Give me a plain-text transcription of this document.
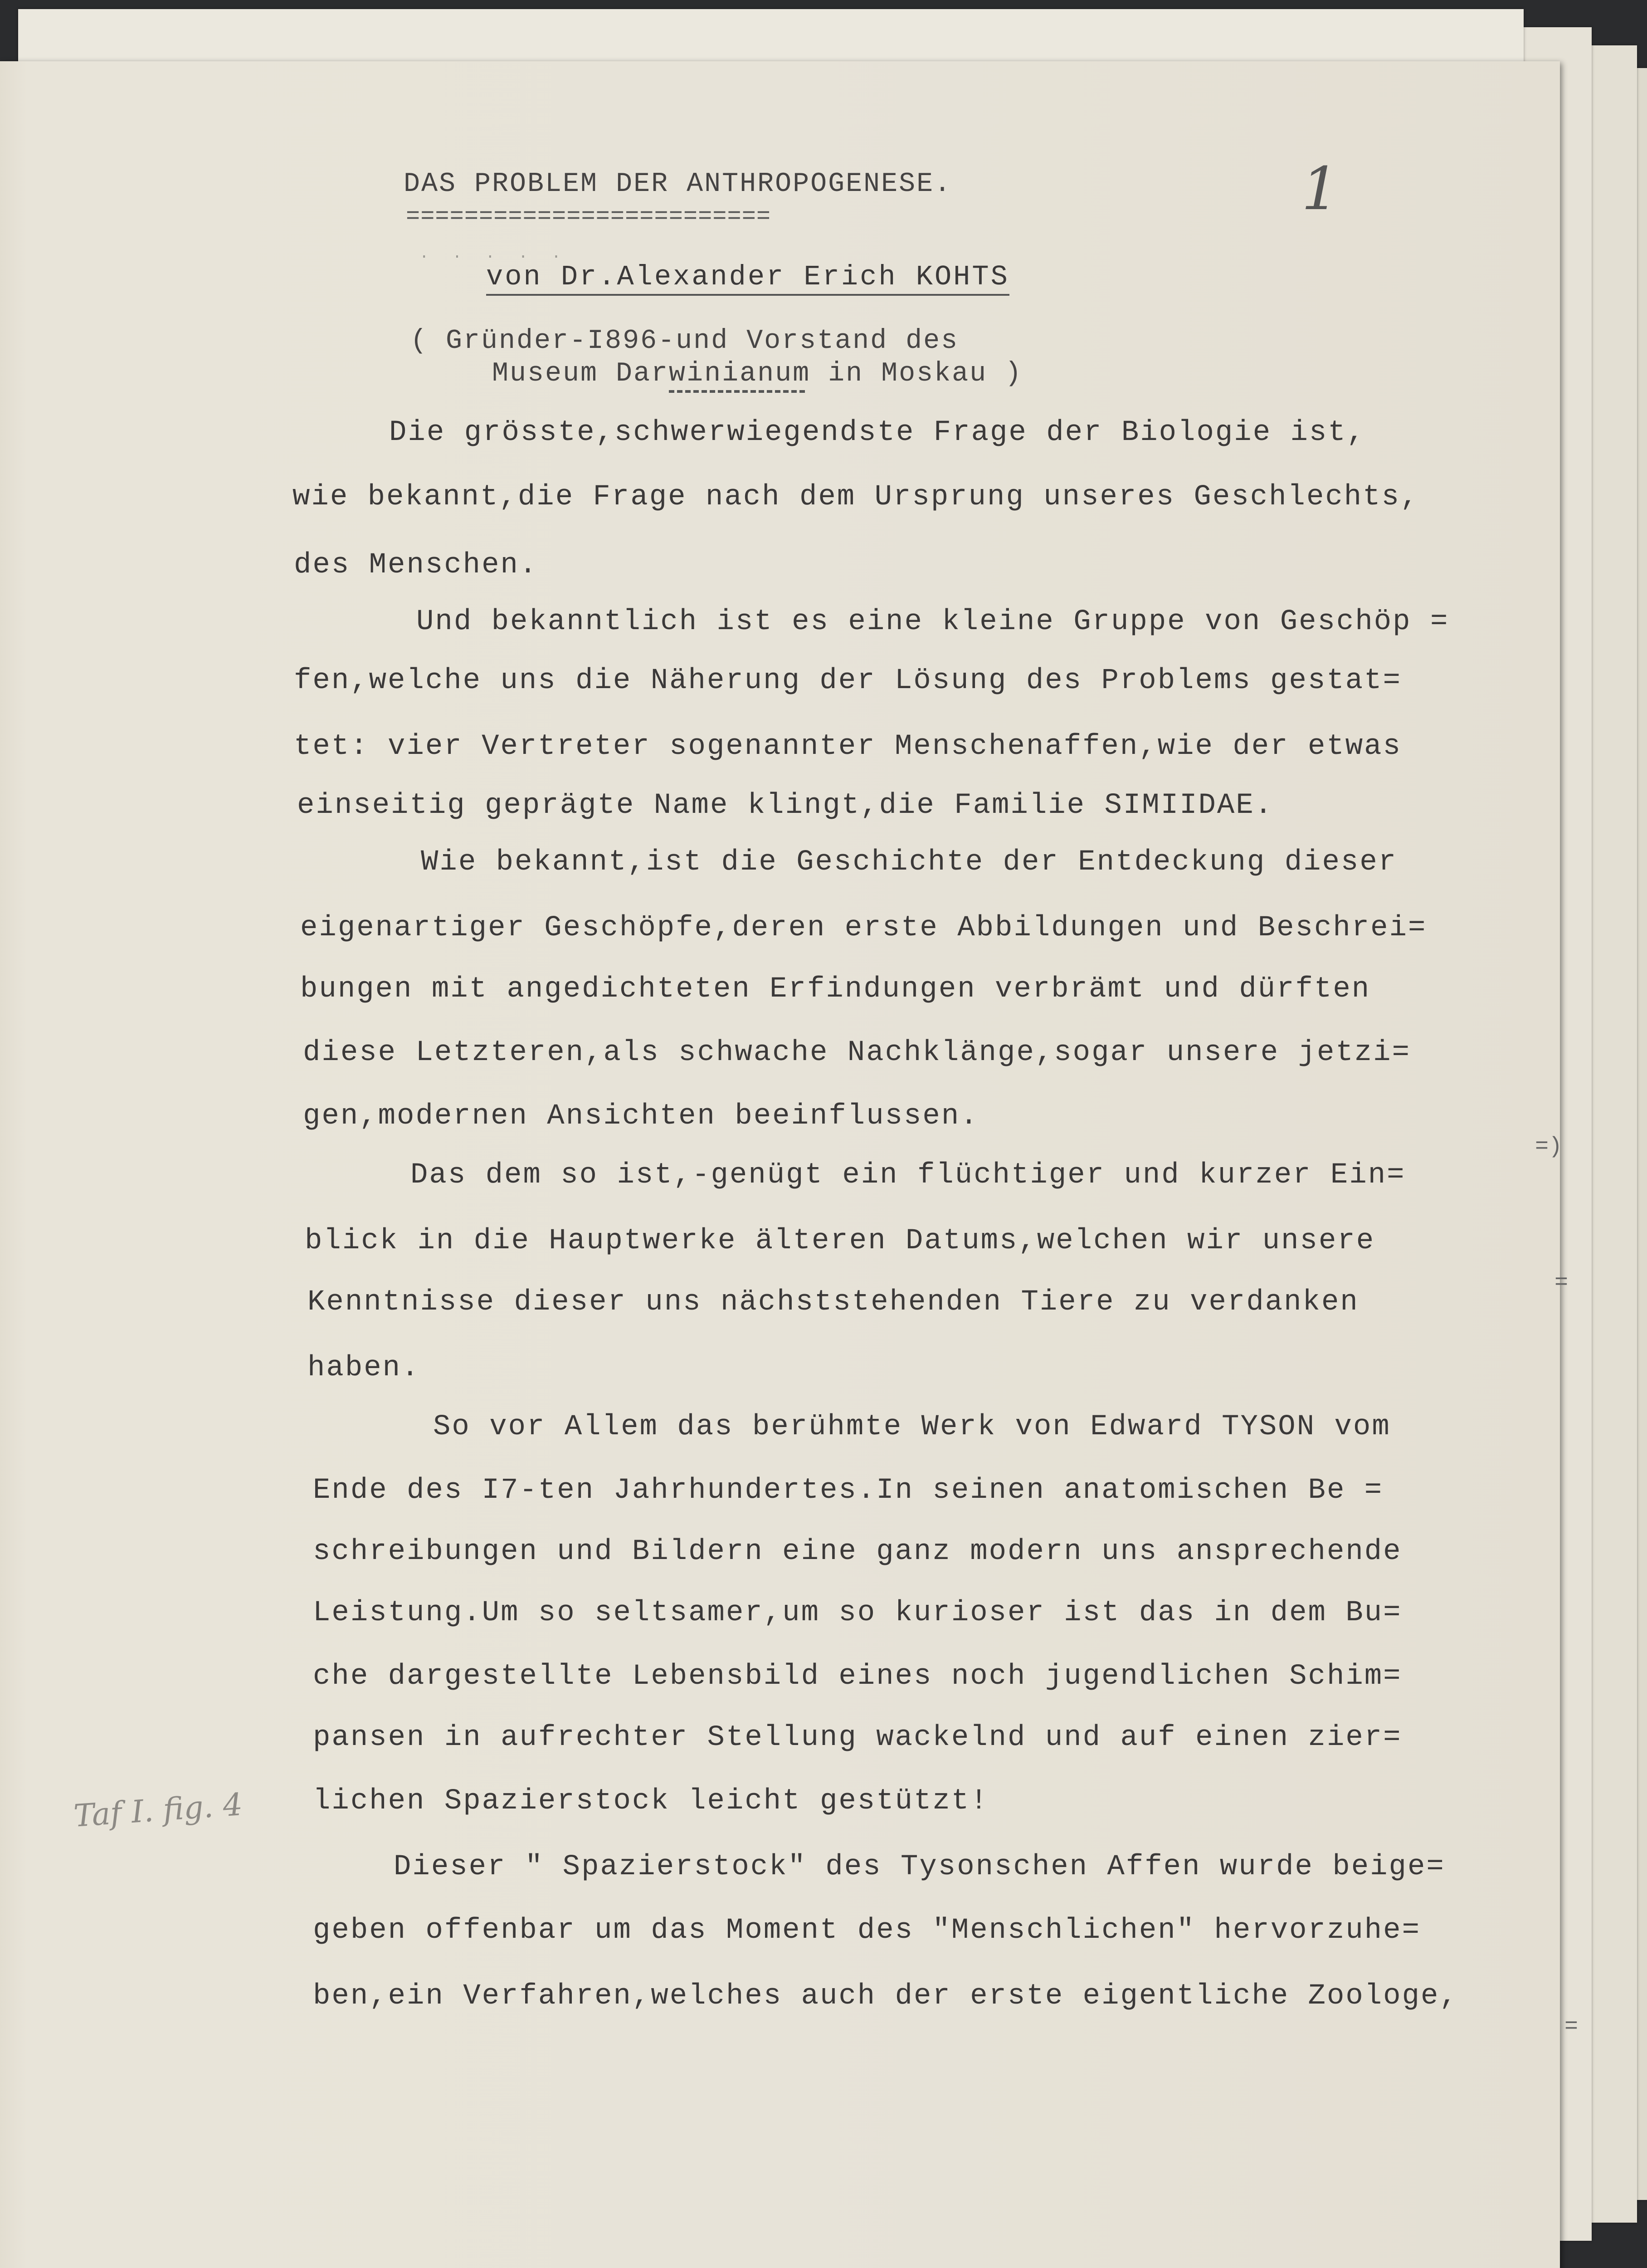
DAS PROBLEM DER ANTHROPOGENESE.
=========================	1
· · · · ·
von Dr.Alexander Erich KOHTS
( Gründer-I896-und Vorstand des
Museum Darwinianum in Moskau )
Die grösste,schwerwiegendste Frage der Biologie ist,
wie bekannt,die Frage nach dem Ursprung unseres Geschlechts,
des Menschen.
Und bekanntlich ist es eine kleine Gruppe von Geschöp =
fen,welche uns die Näherung der Lösung des Problems gestat=
tet: vier Vertreter sogenannter Menschenaffen,wie der etwas
einseitig geprägte Name klingt,die Familie SIMIIDAE.
Wie bekannt,ist die Geschichte der Entdeckung dieser
eigenartiger Geschöpfe,deren erste Abbildungen und Beschrei=
bungen mit angedichteten Erfindungen verbrämt und dürften
diese Letzteren,als schwache Nachklänge,sogar unsere jetzi=
gen,modernen Ansichten beeinflussen.
Das dem so ist,-genügt ein flüchtiger und kurzer Ein=
blick in die Hauptwerke älteren Datums,welchen wir unsere
Kenntnisse dieser uns nächststehenden Tiere zu verdanken
haben.
So vor Allem das berühmte Werk von Edward TYSON vom
Ende des I7-ten Jahrhundertes.In seinen anatomischen Be =
schreibungen und Bildern eine ganz modern uns ansprechende
Leistung.Um so seltsamer,um so kurioser ist das in dem Bu=
che dargestellte Lebensbild eines noch jugendlichen Schim=
pansen in aufrechter Stellung wackelnd und auf einen zier=
lichen Spazierstock leicht gestützt!
Dieser " Spazierstock" des Tysonschen Affen wurde beige=
geben offenbar um das Moment des "Menschlichen" hervorzuhe=
ben,ein Verfahren,welches auch der erste eigentliche Zoologe,
Taf I. fig. 4
=)
=
=
